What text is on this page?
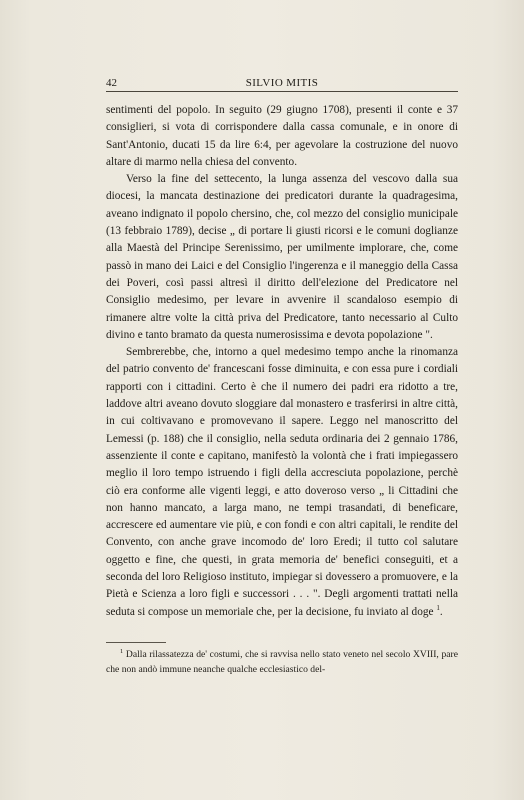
42	SILVIO MITIS

sentimenti del popolo. In seguito (29 giugno 1708), presenti il conte e 37 consiglieri, si vota di corrispondere dalla cassa comunale, e in onore di Sant'Antonio, ducati 15 da lire 6:4, per agevolare la costruzione del nuovo altare di marmo nella chiesa del convento.

Verso la fine del settecento, la lunga assenza del vescovo dalla sua diocesi, la mancata destinazione dei predicatori durante la quadragesima, aveano indignato il popolo chersino, che, col mezzo del consiglio municipale (13 febbraio 1789), decise „ di portare li giusti ricorsi e le comuni doglianze alla Maestà del Principe Serenissimo, per umilmente implorare, che, come passò in mano dei Laici e del Consiglio l'ingerenza e il maneggio della Cassa dei Poveri, così passi altresì il diritto dell'elezione del Predicatore nel Consiglio medesimo, per levare in avvenire il scandaloso esempio di rimanere altre volte la città priva del Predicatore, tanto necessario al Culto divino e tanto bramato da questa numerosissima e devota popolazione ".

Sembrerebbe, che, intorno a quel medesimo tempo anche la rinomanza del patrio convento de' francescani fosse diminuita, e con essa pure i cordiali rapporti con i cittadini. Certo è che il numero dei padri era ridotto a tre, laddove altri aveano dovuto sloggiare dal monastero e trasferirsi in altre città, in cui coltivavano e promovevano il sapere. Leggo nel manoscritto del Lemessi (p. 188) che il consiglio, nella seduta ordinaria dei 2 gennaio 1786, assenziente il conte e capitano, manifestò la volontà che i frati impiegassero meglio il loro tempo istruendo i figli della accresciuta popolazione, perchè ciò era conforme alle vigenti leggi, e atto doveroso verso „ li Cittadini che non hanno mancato, a larga mano, ne tempi trasandati, di beneficare, accrescere ed aumentare vie più, e con fondi e con altri capitali, le rendite del Convento, con anche grave incomodo de' loro Eredi; il tutto col salutare oggetto e fine, che questi, in grata memoria de' benefici conseguiti, et a seconda del loro Religioso instituto, impiegar si dovessero a promuovere, e la Pietà e Scienza a loro figli e successori . . . ". Degli argomenti trattati nella seduta si compose un memoriale che, per la decisione, fu inviato al doge $^1$.

$^1$ Dalla rilassatezza de' costumi, che si ravvisa nello stato veneto nel secolo XVIII, pare che non andò immune neanche qualche ecclesiastico del-
